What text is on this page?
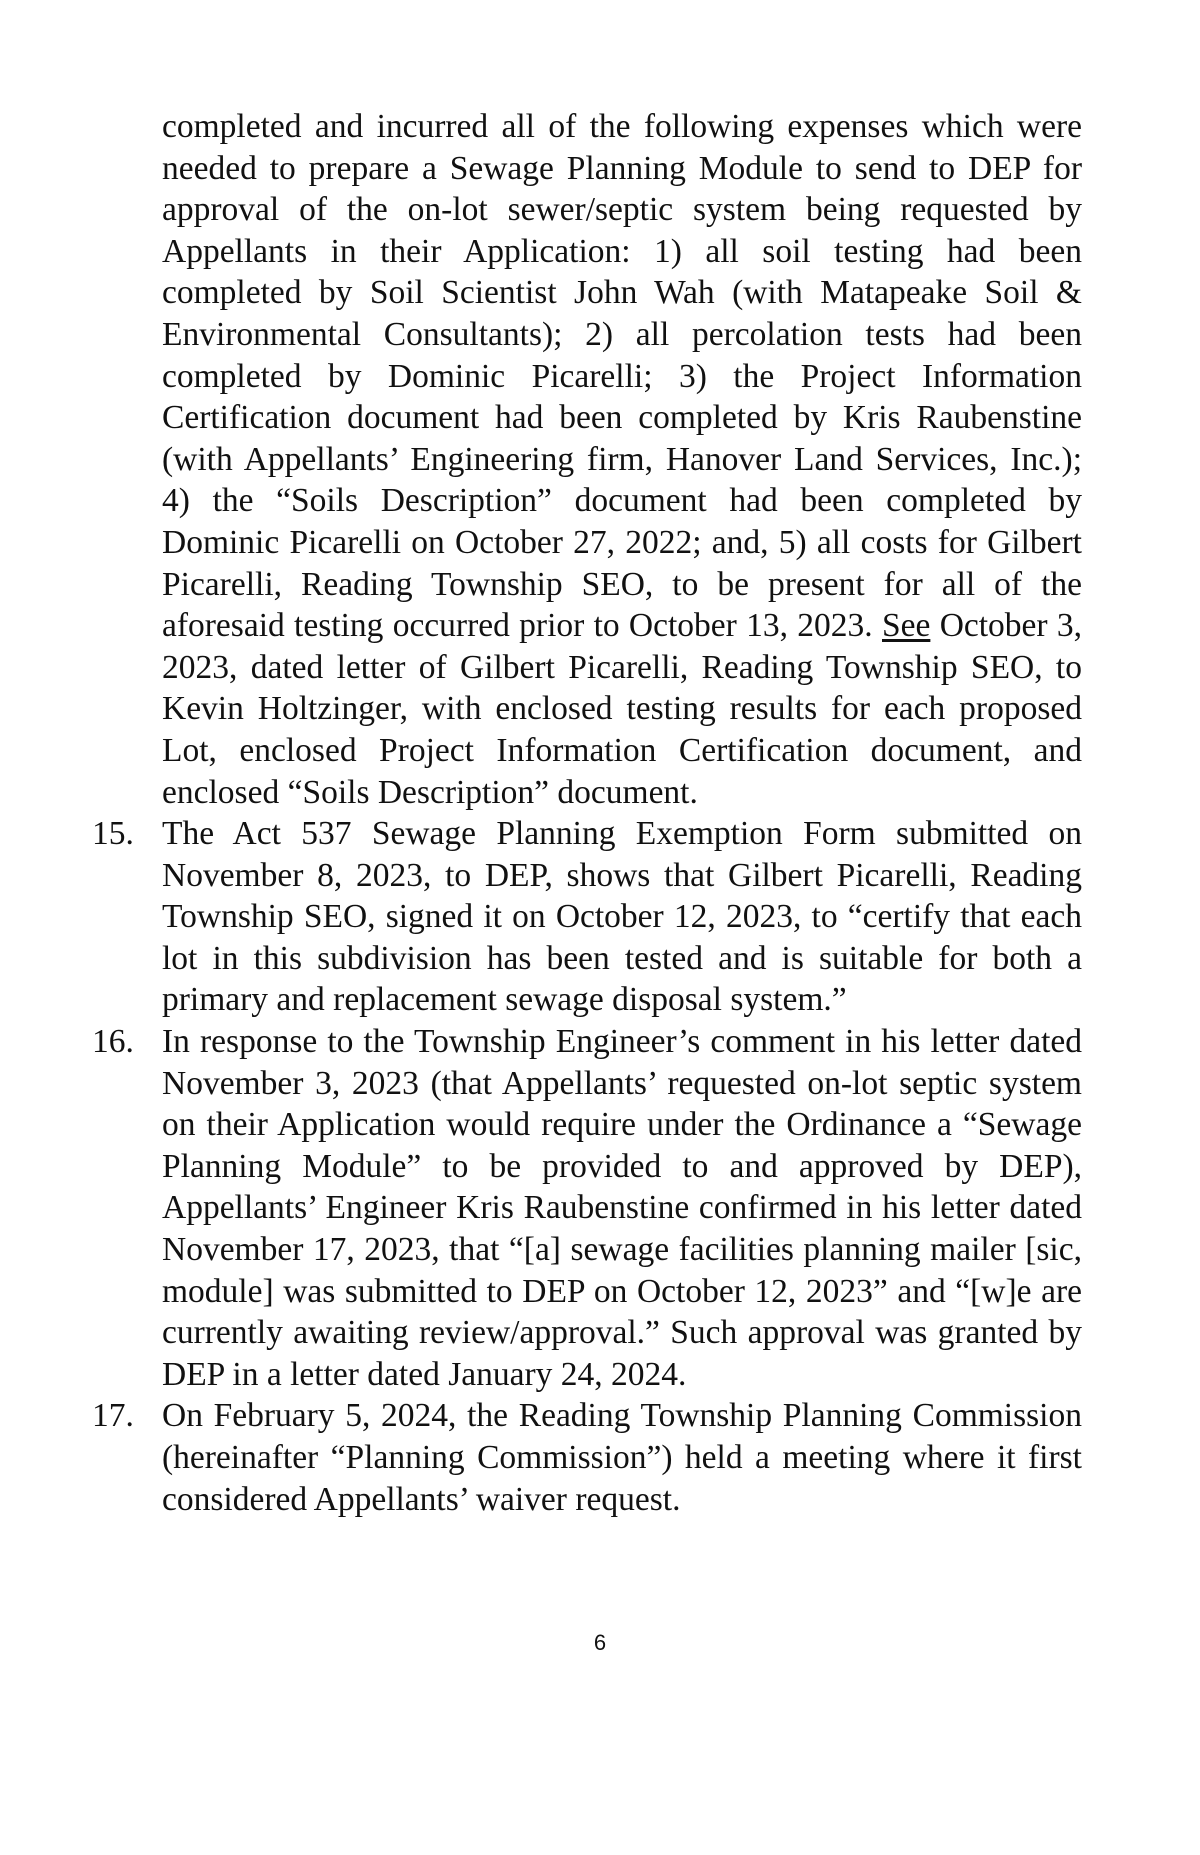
completed and incurred all of the following expenses which were needed to prepare a Sewage Planning Module to send to DEP for approval of the on-lot sewer/septic system being requested by Appellants in their Application: 1) all soil testing had been completed by Soil Scientist John Wah (with Matapeake Soil & Environmental Consultants); 2) all percolation tests had been completed by Dominic Picarelli; 3) the Project Information Certification document had been completed by Kris Raubenstine (with Appellants’ Engineering firm, Hanover Land Services, Inc.); 4) the “Soils Description” document had been completed by Dominic Picarelli on October 27, 2022; and, 5) all costs for Gilbert Picarelli, Reading Township SEO, to be present for all of the aforesaid testing occurred prior to October 13, 2023. See October 3, 2023, dated letter of Gilbert Picarelli, Reading Township SEO, to Kevin Holtzinger, with enclosed testing results for each proposed Lot, enclosed Project Information Certification document, and enclosed “Soils Description” document.

15. The Act 537 Sewage Planning Exemption Form submitted on November 8, 2023, to DEP, shows that Gilbert Picarelli, Reading Township SEO, signed it on October 12, 2023, to “certify that each lot in this subdivision has been tested and is suitable for both a primary and replacement sewage disposal system.”

16. In response to the Township Engineer’s comment in his letter dated November 3, 2023 (that Appellants’ requested on-lot septic system on their Application would require under the Ordinance a “Sewage Planning Module” to be provided to and approved by DEP), Appellants’ Engineer Kris Raubenstine confirmed in his letter dated November 17, 2023, that “[a] sewage facilities planning mailer [sic, module] was submitted to DEP on October 12, 2023” and “[w]e are currently awaiting review/approval.” Such approval was granted by DEP in a letter dated January 24, 2024.

17. On February 5, 2024, the Reading Township Planning Commission (hereinafter “Planning Commission”) held a meeting where it first considered Appellants’ waiver request.

6
